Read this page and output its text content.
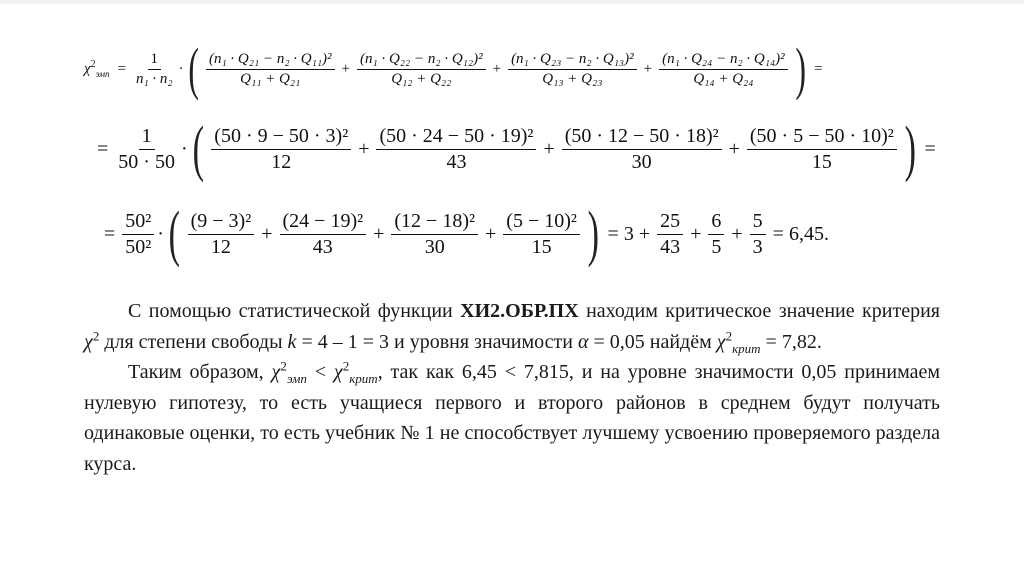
$\chi^2_{эмп} = \frac{1}{\text{n₁ · n₂}}$ · ( $\frac{\text{(n₁ · Q₂₁ − n₂ · Q₁₁)²}}{\text{Q₁₁ + Q₂₁}} + \frac{\text{(n₁ · Q₂₂ − n₂ · Q₁₂)²}}{\text{Q₁₂ + Q₂₂}} + \frac{\text{(n₁ · Q₂₃ − n₂ · Q₁₃)²}}{\text{Q₁₃ + Q₂₃}} + \frac{\text{(n₁ · Q₂₄ − n₂ · Q₁₄)²}}{\text{Q₁₄ + Q₂₄}}$ ) =
= $\frac{1}{50 \cdot 50}$ · ( $\frac{\text{(50 · 9 − 50 · 3)²}}{12} + \frac{\text{(50 · 24 − 50 · 19)²}}{43} + \frac{\text{(50 · 12 − 50 · 18)²}}{30} + \frac{\text{(50 · 5 − 50 · 10)²}}{15}$ ) =
= $\frac{\text{50²}}{\text{50²}}$ · ( $\frac{\text{(9 − 3)²}}{12} + \frac{\text{(24 − 19)²}}{43} + \frac{\text{(12 − 18)²}}{30} + \frac{\text{(5 − 10)²}}{15}$ ) = $3 + \frac{25}{43} + \frac{6}{5} + \frac{5}{3} = 6,45$.

С помощью статистической функции ХИ2.ОБР.ПХ находим критическое значение критерия $\chi^2$ для степени свободы k = 4 – 1 = 3 и уровня значимости α = 0,05 найдём $\chi^2_{крит} = 7,82$.

Таким образом, $\chi^2_{эмп} < \chi^2_{крит}$, так как 6,45 < 7,815, и на уровне значимости 0,05 принимаем нулевую гипотезу, то есть учащиеся первого и второго районов в среднем будут получать одинаковые оценки, то есть учебник № 1 не способствует лучшему усвоению проверяемого раздела курса.
